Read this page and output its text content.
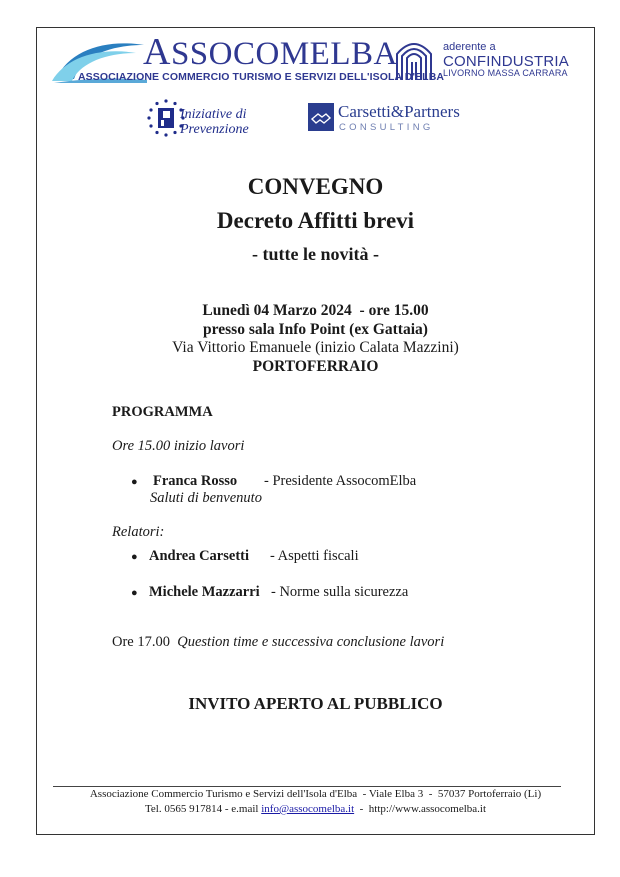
ASSOCOMELBA
ASSOCIAZIONE COMMERCIO TURISMO E SERVIZI DELL'ISOLA D'ELBA
aderente a
CONFINDUSTRIA
LIVORNO MASSA CARRARA
Iniziative di
Prevenzione
Carsetti&Partners
CONSULTING
CONVEGNO
Decreto Affitti brevi
- tutte le novità -
Lunedì 04 Marzo 2024  - ore 15.00
presso sala Info Point (ex Gattaia)
Via Vittorio Emanuele (inizio Calata Mazzini)
PORTOFERRAIO
PROGRAMMA
Ore 15.00 inizio lavori
● Franca Rosso - Presidente AssocomElba
Saluti di benvenuto
Relatori:
● Andrea Carsetti - Aspetti fiscali
● Michele Mazzarri - Norme sulla sicurezza
Ore 17.00 Question time e successiva conclusione lavori
INVITO APERTO AL PUBBLICO
Associazione Commercio Turismo e Servizi dell'Isola d'Elba  - Viale Elba 3  -  57037 Portoferraio (Li)
Tel. 0565 917814 - e.mail info@assocomelba.it  -  http://www.assocomelba.it
